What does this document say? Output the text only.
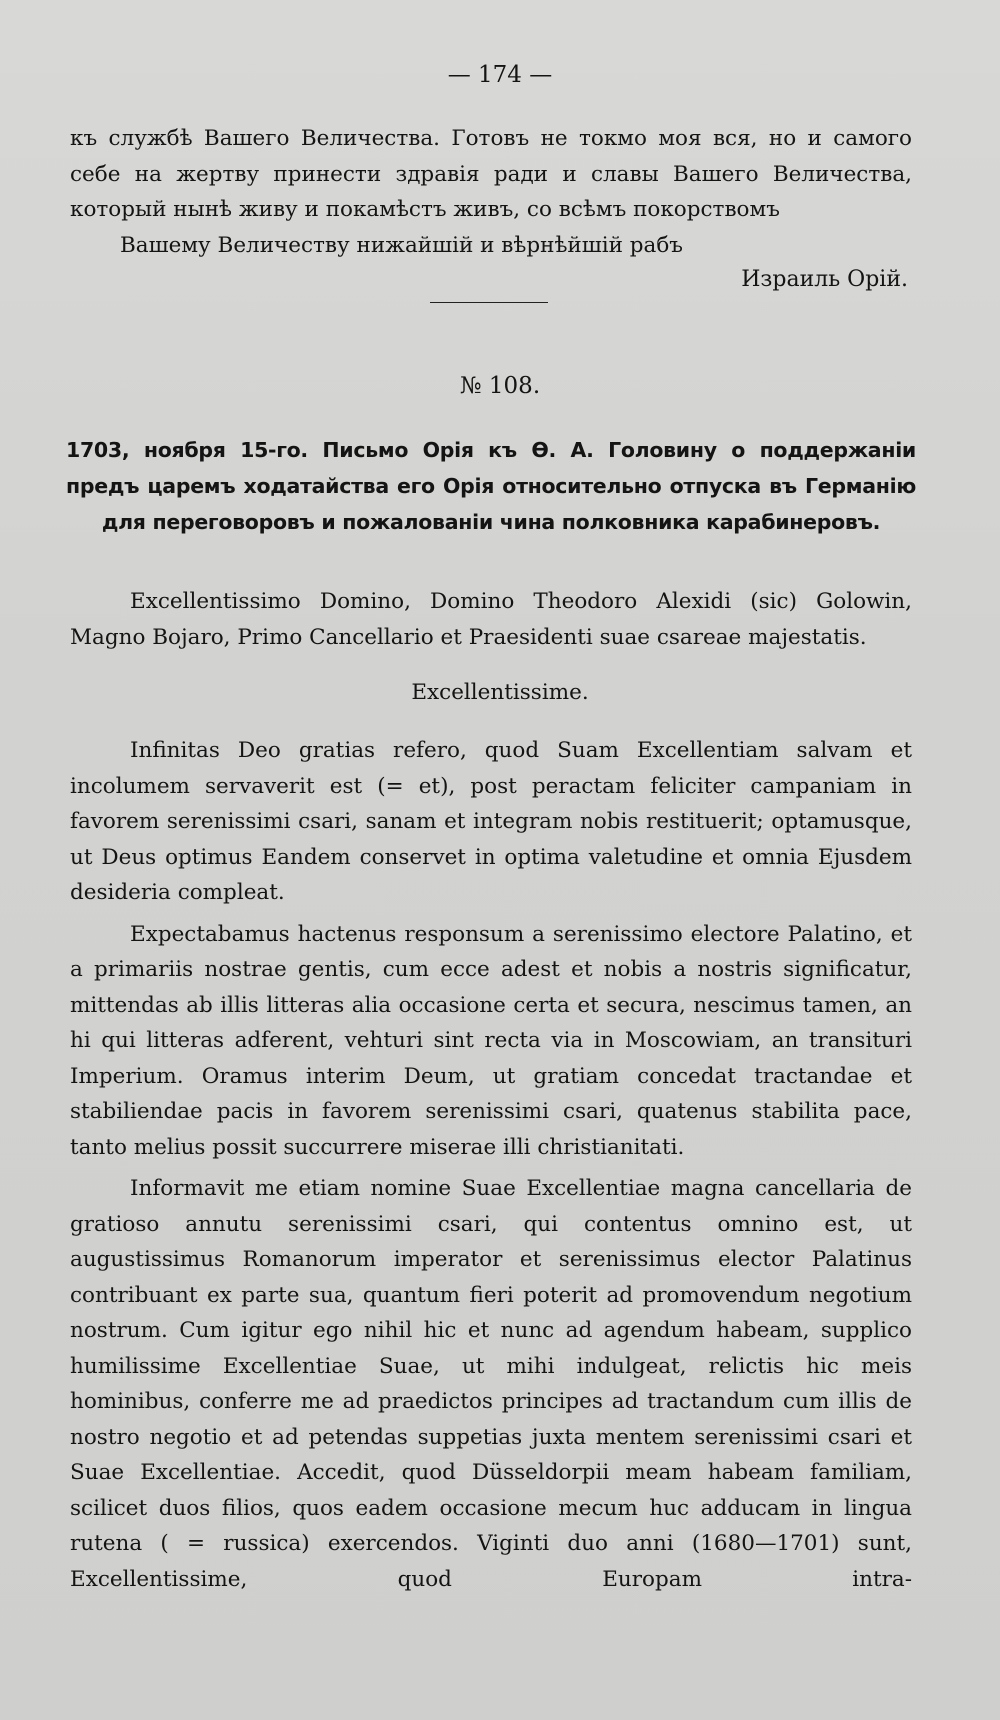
— 174 —

къ службѣ Вашего Величества. Готовъ не токмо моя вся, но и самого себе на жертву принести здравія ради и славы Вашего Величества, который нынѣ живу и покамѣстъ живъ, со всѣмъ покорствомъ

Вашему Величеству нижайшій и вѣрнѣйшій рабъ

Израиль Орій.
№ 108.
1703, ноября 15-го. Письмо Орія къ Ѳ. А. Головину о поддержаніи предъ царемъ ходатайства его Орія относительно отпуска въ Германію для переговоровъ и пожалованіи чина полковника карабинеровъ.

Excellentissimo Domino, Domino Theodoro Alexidi (sic) Golowin, Magno Bojaro, Primo Cancellario et Praesidenti suae csareae majestatis.

Excellentissime.

Infinitas Deo gratias refero, quod Suam Excellentiam salvam et incolumem servaverit est (= et), post peractam feliciter campaniam in favorem serenissimi csari, sanam et integram nobis restituerit; optamusque, ut Deus optimus Eandem conservet in optima valetudine et omnia Ejusdem desideria compleat.

Expectabamus hactenus responsum a serenissimo electore Palatino, et a primariis nostrae gentis, cum ecce adest et nobis a nostris significatur, mittendas ab illis litteras alia occasione certa et secura, nescimus tamen, an hi qui litteras adferent, vehturi sint recta via in Moscowiam, an transituri Imperium. Oramus interim Deum, ut gratiam concedat tractandae et stabiliendae pacis in favorem serenissimi csari, quatenus stabilita pace, tanto melius possit succurrere miserae illi christianitati.

Informavit me etiam nomine Suae Excellentiae magna cancellaria de gratioso annutu serenissimi csari, qui contentus omnino est, ut augustissimus Romanorum imperator et serenissimus elector Palatinus contribuant ex parte sua, quantum fieri poterit ad promovendum negotium nostrum. Cum igitur ego nihil hic et nunc ad agendum habeam, supplico humilissime Excellentiae Suae, ut mihi indulgeat, relictis hic meis hominibus, conferre me ad praedictos principes ad tractandum cum illis de nostro negotio et ad petendas suppetias juxta mentem serenissimi csari et Suae Excellentiae. Accedit, quod Düsseldorpii meam habeam familiam, scilicet duos filios, quos eadem occasione mecum huc adducam in lingua rutena ( = russica) exercendos. Viginti duo anni (1680—1701) sunt, Excellentissime, quod Europam intra-
